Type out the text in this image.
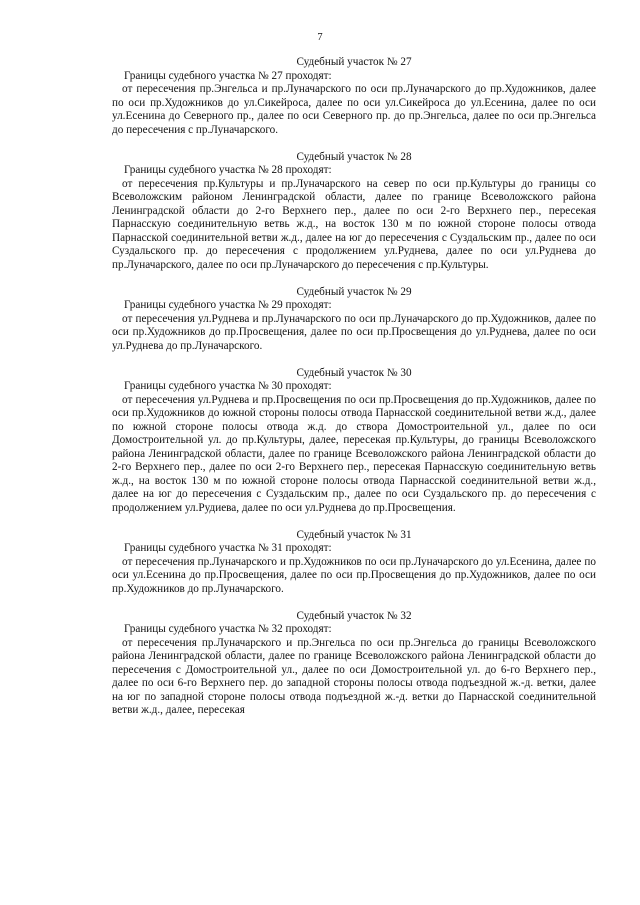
7

Судебный участок № 27

Границы судебного участка № 27 проходят:

от пересечения пр.Энгельса и пр.Луначарского по оси пр.Луначарского до пр.Художников, далее по оси пр.Художников до ул.Сикейроса, далее по оси ул.Сикейроса до ул.Есенина, далее по оси ул.Есенина до Северного пр., далее по оси Северного пр. до пр.Энгельса, далее по оси пр.Энгельса до пересечения с пр.Луначарского.

Судебный участок № 28

Границы судебного участка № 28 проходят:

от пересечения пр.Культуры и пр.Луначарского на север по оси пр.Культуры до границы со Всеволожским районом Ленинградской области, далее по границе Всеволожского района Ленинградской области до 2-го Верхнего пер., далее по оси 2-го Верхнего пер., пересекая Парнасскую соединительную ветвь ж.д., на восток 130 м по южной стороне полосы отвода Парнасской соединительной ветви ж.д., далее на юг до пересечения с Суздальским пр., далее по оси Суздальского пр. до пересечения с продолжением ул.Руднева, далее по оси ул.Руднева до пр.Луначарского, далее по оси пр.Луначарского до пересечения с пр.Культуры.

Судебный участок № 29

Границы судебного участка № 29 проходят:

от пересечения ул.Руднева и пр.Луначарского по оси пр.Луначарского до пр.Художников, далее по оси пр.Художников до пр.Просвещения, далее по оси пр.Просвещения до ул.Руднева, далее по оси ул.Руднева до пр.Луначарского.

Судебный участок № 30

Границы судебного участка № 30 проходят:

от пересечения ул.Руднева и пр.Просвещения по оси пр.Просвещения до пр.Художников, далее по оси пр.Художников до южной стороны полосы отвода Парнасской соединительной ветви ж.д., далее по южной стороне полосы отвода ж.д. до створа Домостроительной ул., далее по оси Домостроительной ул. до пр.Культуры, далее, пересекая пр.Культуры, до границы Всеволожского района Ленинградской области, далее по границе Всеволожского района Ленинградской области до 2-го Верхнего пер., далее по оси 2-го Верхнего пер., пересекая Парнасскую соединительную ветвь ж.д., на восток 130 м по южной стороне полосы отвода Парнасской соединительной ветви ж.д., далее на юг до пересечения с Суздальским пр., далее по оси Суздальского пр. до пересечения с продолжением ул.Рудиева, далее по оси ул.Руднева до пр.Просвещения.

Судебный участок № 31

Границы судебного участка № 31 проходят:

от пересечения пр.Луначарского и пр.Художников по оси пр.Луначарского до ул.Есенина, далее по оси ул.Есенина до пр.Просвещения, далее по оси пр.Просвещения до пр.Художников, далее по оси пр.Художников до пр.Луначарского.

Судебный участок № 32

Границы судебного участка № 32 проходят:

от пересечения пр.Луначарского и пр.Энгельса по оси пр.Энгельса до границы Всеволожского района Ленинградской области, далее по границе Всеволожского района Ленинградской области до пересечения с Домостроительной ул., далее по оси Домостроительной ул. до 6-го Верхнего пер., далее по оси 6-го Верхнего пер. до западной стороны полосы отвода подъездной ж.-д. ветки, далее на юг по западной стороне полосы отвода подъездной ж.-д. ветки до Парнасской соединительной ветви ж.д., далее, пересекая
